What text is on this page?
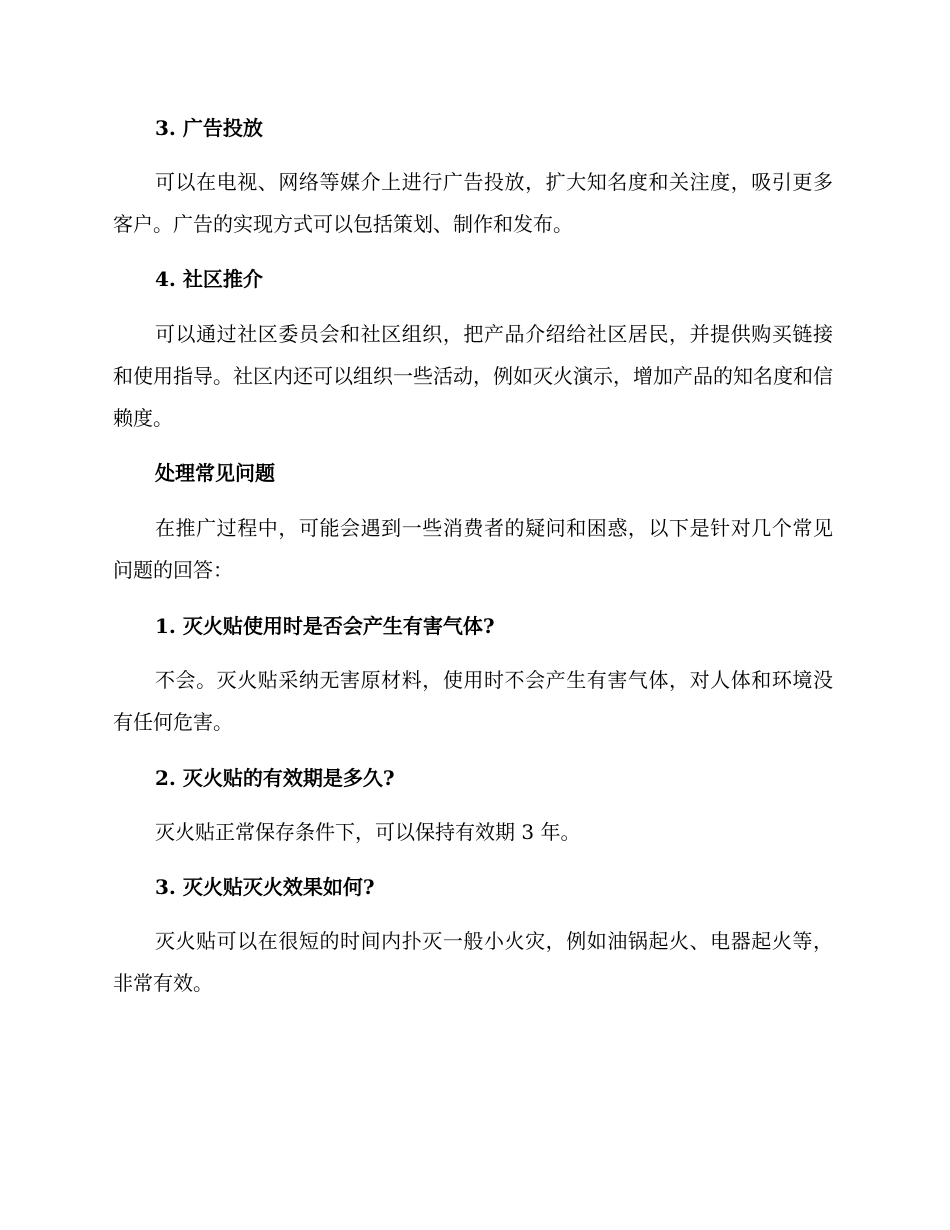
3. 广告投放
可以在电视、网络等媒介上进行广告投放，扩大知名度和关注度，吸引更多客户。广告的实现方式可以包括策划、制作和发布。
4. 社区推介
可以通过社区委员会和社区组织，把产品介绍给社区居民，并提供购买链接和使用指导。社区内还可以组织一些活动，例如灭火演示，增加产品的知名度和信赖度。
处理常见问题
在推广过程中，可能会遇到一些消费者的疑问和困惑，以下是针对几个常见问题的回答：
1. 灭火贴使用时是否会产生有害气体?
不会。灭火贴采纳无害原材料，使用时不会产生有害气体，对人体和环境没有任何危害。
2. 灭火贴的有效期是多久?
灭火贴正常保存条件下，可以保持有效期 3 年。
3. 灭火贴灭火效果如何?
灭火贴可以在很短的时间内扑灭一般小火灾，例如油锅起火、电器起火等，非常有效。
